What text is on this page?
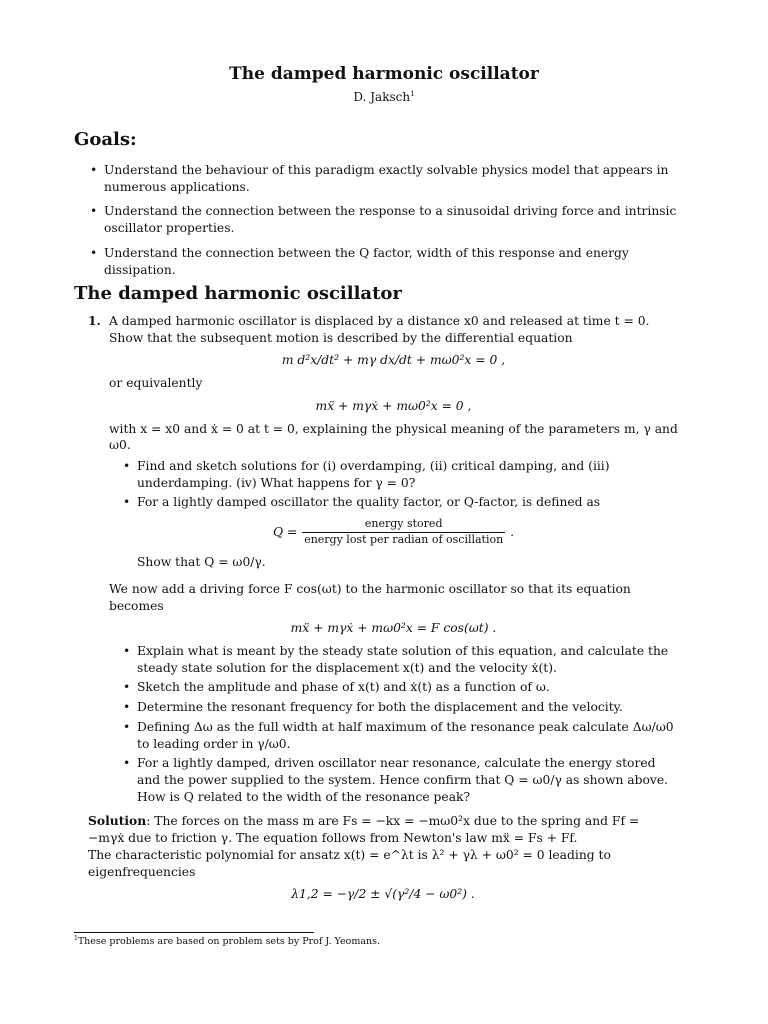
The damped harmonic oscillator
D. Jaksch$^1$
Goals:
• Understand the behaviour of this paradigm exactly solvable physics model that appears in numerous applications.
• Understand the connection between the response to a sinusoidal driving force and intrinsic oscillator properties.
• Understand the connection between the Q factor, width of this response and energy dissipation.
The damped harmonic oscillator
1. A damped harmonic oscillator is displaced by a distance x0 and released at time t = 0. Show that the subsequent motion is described by the differential equation

m d²x/dt² + mγ dx/dt + mω0²x = 0 ,

or equivalently

mẍ + mγẋ + mω0²x = 0 ,

with x = x0 and ẋ = 0 at t = 0, explaining the physical meaning of the parameters m, γ and ω0.

• Find and sketch solutions for (i) overdamping, (ii) critical damping, and (iii) underdamping. (iv) What happens for γ = 0?
• For a lightly damped oscillator the quality factor, or Q-factor, is defined as
$Q = \frac{\text{energy stored}}{\text{energy lost per radian of oscillation}}$ .

Show that Q = ω0/γ.

We now add a driving force F cos(ωt) to the harmonic oscillator so that its equation becomes

mẍ + mγẋ + mω0²x = F cos(ωt) .
• Explain what is meant by the steady state solution of this equation, and calculate the steady state solution for the displacement x(t) and the velocity ẋ(t).
• Sketch the amplitude and phase of x(t) and ẋ(t) as a function of ω.
• Determine the resonant frequency for both the displacement and the velocity.
• Defining Δω as the full width at half maximum of the resonance peak calculate Δω/ω0 to leading order in γ/ω0.
• For a lightly damped, driven oscillator near resonance, calculate the energy stored and the power supplied to the system. Hence confirm that Q = ω0/γ as shown above. How is Q related to the width of the resonance peak?

Solution: The forces on the mass m are Fs = −kx = −mω0²x due to the spring and Ff = −mγẋ due to friction γ. The equation follows from Newton's law mẍ = Fs + Ff.

The characteristic polynomial for ansatz x(t) = e^λt is λ² + γλ + ω0² = 0 leading to eigenfrequencies

λ1,2 = −γ/2 ± √(γ²/4 − ω0²) .
$^1$These problems are based on problem sets by Prof J. Yeomans.
